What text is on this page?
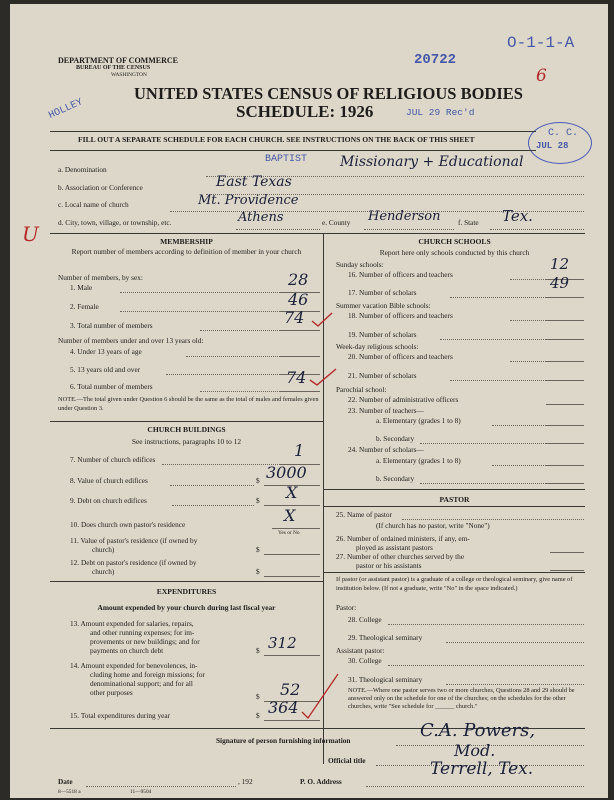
DEPARTMENT OF COMMERCE
BUREAU OF THE CENSUS
WASHINGTON
20722
O-1-1-A
6
UNITED STATES CENSUS OF RELIGIOUS BODIES
SCHEDULE: 1926	JUL 29 Rec'd
HOLLEY
C. C.
JUL 28
FILL OUT A SEPARATE SCHEDULE FOR EACH CHURCH. SEE INSTRUCTIONS ON THE BACK OF THIS SHEET
a. Denomination
BAPTIST Missionary + Educational
b. Association or Conference	East Texas
c. Local name of church	Mt. Providence
d. City, town, village, or township, etc.	Athens	e. County Henderson f. State Tex.
U	MEMBERSHIP
Report number of members according to definition of member in your church
Number of members, by sex:
1. Male	28
2. Female	46
3. Total number of members	74
Number of members under and over 13 years old:
4. Under 13 years of age
5. 13 years old and over
6. Total number of members	74
NOTE.—The total given under Question 6 should be the same as the total of males and females given under Question 3.
CHURCH BUILDINGS
See instructions, paragraphs 10 to 12
7. Number of church edifices	1
8. Value of church edifices	$ 3000
9. Debt on church edifices	$ X
10. Does church own pastor's residence
Yes or No
X
11. Value of pastor's residence (if owned by
church)	$
12. Debt on pastor's residence (if owned by
church)	$
EXPENDITURES
Amount expended by your church during last fiscal year
13. Amount expended for salaries, repairs,
and other running expenses; for im-
provements or new buildings; and for
payments on church debt	$ 312
14. Amount expended for benevolences, in-
cluding home and foreign missions; for
denominational support; and for all
other purposes	$ 52
15. Total expenditures during year	$ 364
CHURCH SCHOOLS
Report here only schools conducted by this church
Sunday schools:
16. Number of officers and teachers
12
17. Number of scholars
49
Summer vacation Bible schools:
18. Number of officers and teachers
19. Number of scholars
Week-day religious schools:
20. Number of officers and teachers
21. Number of scholars
Parochial school:
22. Number of administrative officers
23. Number of teachers—
a. Elementary (grades 1 to 8)
b. Secondary
24. Number of scholars—
a. Elementary (grades 1 to 8)
b. Secondary
PASTOR
25. Name of pastor
(If church has no pastor, write "None")
26. Number of ordained ministers, if any, em-
ployed as assistant pastors
27. Number of other churches served by the
pastor or his assistants
If pastor (or assistant pastor) is a graduate of a college or theological seminary, give name of institution below. (If not a graduate, write "No" in the space indicated.)
Pastor:
28. College
29. Theological seminary
Assistant pastor:
30. College
31. Theological seminary
NOTE.—Where one pastor serves two or more churches, Questions 28 and 29 should be answered only on the schedule for one of the churches; on the schedules for the other churches, write "See schedule for ______ church."
Signature of person furnishing information	C.A. Powers,
Official title
Mod.
Date	, 192	P. O. Address
Terrell, Tex.
8—5518 a	11—9504
